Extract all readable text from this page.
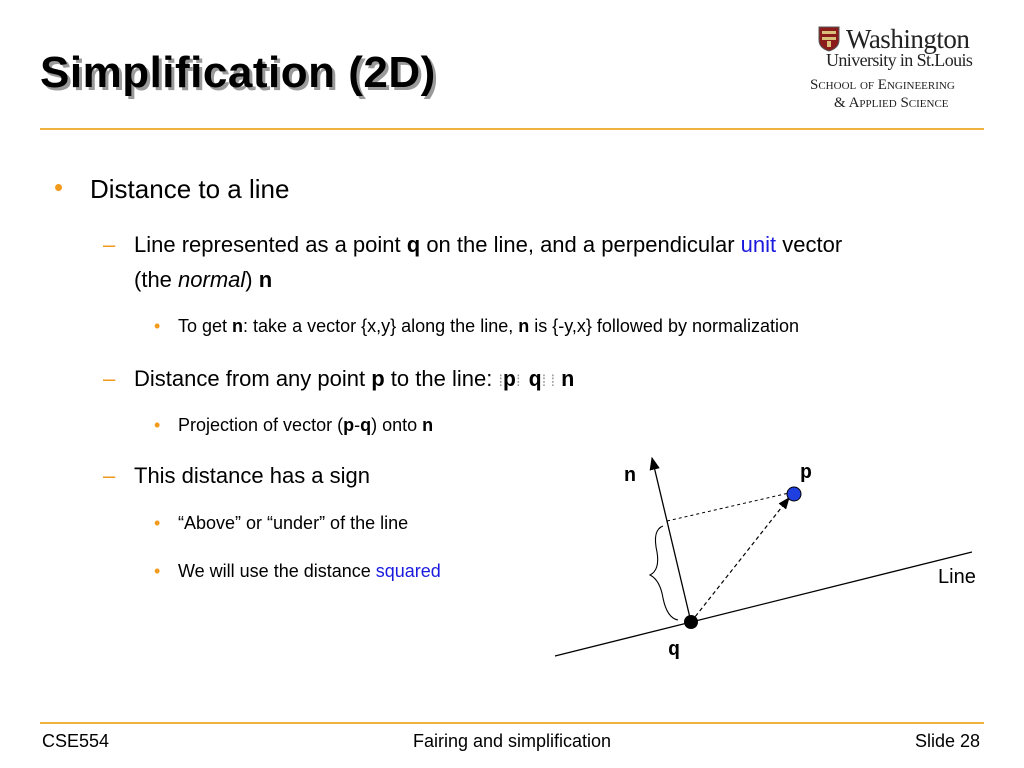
Simplification (2D)
Washington
University in St.Louis
School of Engineering
& Applied Science
• Distance to a line
– Line represented as a point q on the line, and a perpendicular unit vector
(the normal) n
• To get n: take a vector {x,y} along the line, n is {-y,x} followed by normalization
– Distance from any point p to the line: ⁞p⁞ q⁞ ⁞ n
• Projection of vector (p-q) onto n
– This distance has a sign
• “Above” or “under” of the line
• We will use the distance squared
n	p
q
Line
CSE554	Fairing and simplification	Slide 28
